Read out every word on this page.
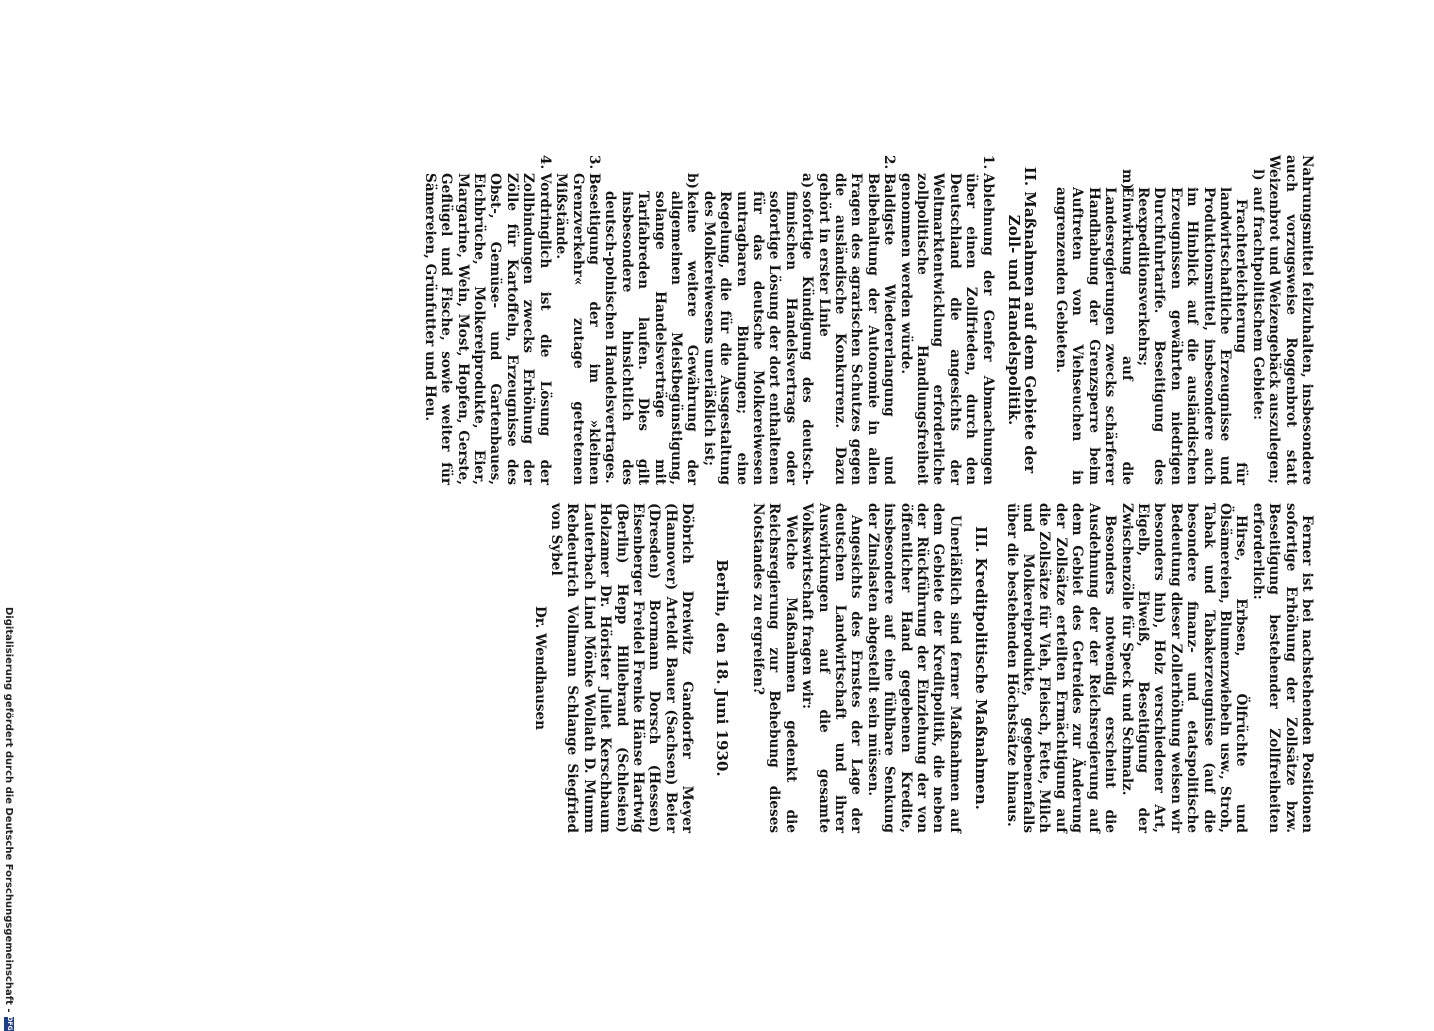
Nahrungsmittel feilzuhalten, insbesondere auch vorzugsweise Roggenbrot statt Weizenbrot und Weizengebäck auszulegen;

l)

auf frachtpolitischem Gebiete:

Frachterleichterung für landwirtschaftliche Erzeugnisse und Produktionsmittel, insbesondere auch im Hinblick auf die ausländischen Erzeugnissen gewährten niedrigen Durchfuhrtarife. Beseitigung des Reexpeditionsverkehrs;

m)

Einwirkung auf die Landesregierungen zwecks schärferer Handhabung der Grenzsperre beim Auftreten von Viehseuchen in angrenzenden Gebieten.

II. Maßnahmen auf dem Gebiete der Zoll- und Handelspolitik.
1.

Ablehnung der Genfer Abmachungen über einen Zollfrieden, durch den Deutschland die angesichts der Weltmarktentwicklung erforderliche zollpolitische Handlungsfreiheit genommen werden würde.

2.

Baldigste Wiedererlangung und Beibehaltung der Autonomie in allen Fragen des agrarischen Schutzes gegen die ausländische Konkurrenz. Dazu gehört in erster Linie

a)

sofortige Kündigung des deutsch-finnischen Handelsvertrags oder sofortige Lösung der dort enthaltenen für das deutsche Molkereiwesen untragbaren Bindungen; eine Regelung, die für die Ausgestaltung des Molkereiwesens unerläßlich ist;

b)

keine weitere Gewährung der allgemeinen Meistbegünstigung, solange Handelsverträge mit Tarifabreden laufen. Dies gilt insbesondere hinsichtlich des deutsch-polnischen Handelsvertrages.

3.

Beseitigung der im »kleinen Grenzverkehr« zutage getretenen Mißstände.

4.

Vordringlich ist die Lösung der Zollbindungen zwecks Erhöhung der Zölle für Kartoffeln, Erzeugnisse des Obst-, Gemüse- und Gartenbaues, Eichbrüche, Molkereiprodukte, Eier, Margarine, Wein, Most, Hopfen, Gerste, Geflügel und Fische, sowie weiter für Sämereien, Grünfutter und Heu.

Ferner ist bei nachstehenden Positionen sofortige Erhöhung der Zollsätze bzw. Beseitigung bestehender Zollfreiheiten erforderlich:

Hirse, Erbsen, Ölfrüchte und Ölsämereien, Blumenzwiebeln usw., Stroh, Tabak und Tabakerzeugnisse (auf die besondere finanz- und etatspolitische Bedeutung dieser Zollerhöhung weisen wir besonders hin), Holz verschiedener Art, Eigelb, Eiweiß, Beseitigung der Zwischenzölle für Speck und Schmalz.

Besonders notwendig erscheint die Ausdehnung der der Reichsregierung auf dem Gebiet des Getreides zur Änderung der Zollsätze erteilten Ermächtigung auf die Zollsätze für Vieh, Fleisch, Fette, Milch und Molkereiprodukte, gegebenenfalls über die bestehenden Höchstsätze hinaus.

III. Kreditpolitische Maßnahmen.

Unerläßlich sind ferner Maßnahmen auf dem Gebiete der Kreditpolitik, die neben der Rückführung der Einziehung der von öffentlicher Hand gegebenen Kredite, insbesondere auf eine fühlbare Senkung der Zinslasten abgestellt sein müssen.

Angesichts des Ernstes der Lage der deutschen Landwirtschaft und ihrer Auswirkungen auf die gesamte Volkswirtschaft fragen wir:

Welche Maßnahmen gedenkt die Reichsregierung zur Behebung dieses Notstandes zu ergreifen?

Berlin, den 18. Juni 1930.

Döbrich Dreiwitz Gandorfer Meyer (Hannover) Arteldt Bauer (Sachsen) Beier (Dresden) Bormann Dorsch (Hessen) Eisenberger Freidel Frenke Hänse Hartwig (Berlin) Hepp Hillebrand (Schlesien) Holzamer Dr. Hörister Juliet Kerschbaum Lauterbach Lind Mönke Wollath D. Mumm Rebdeutrich Vollmann Schlange Siegfried von Sybel

Dr. Wendhausen

Digitalisierung gefördert durch die Deutsche Forschungsgemeinschaft -
DFG
